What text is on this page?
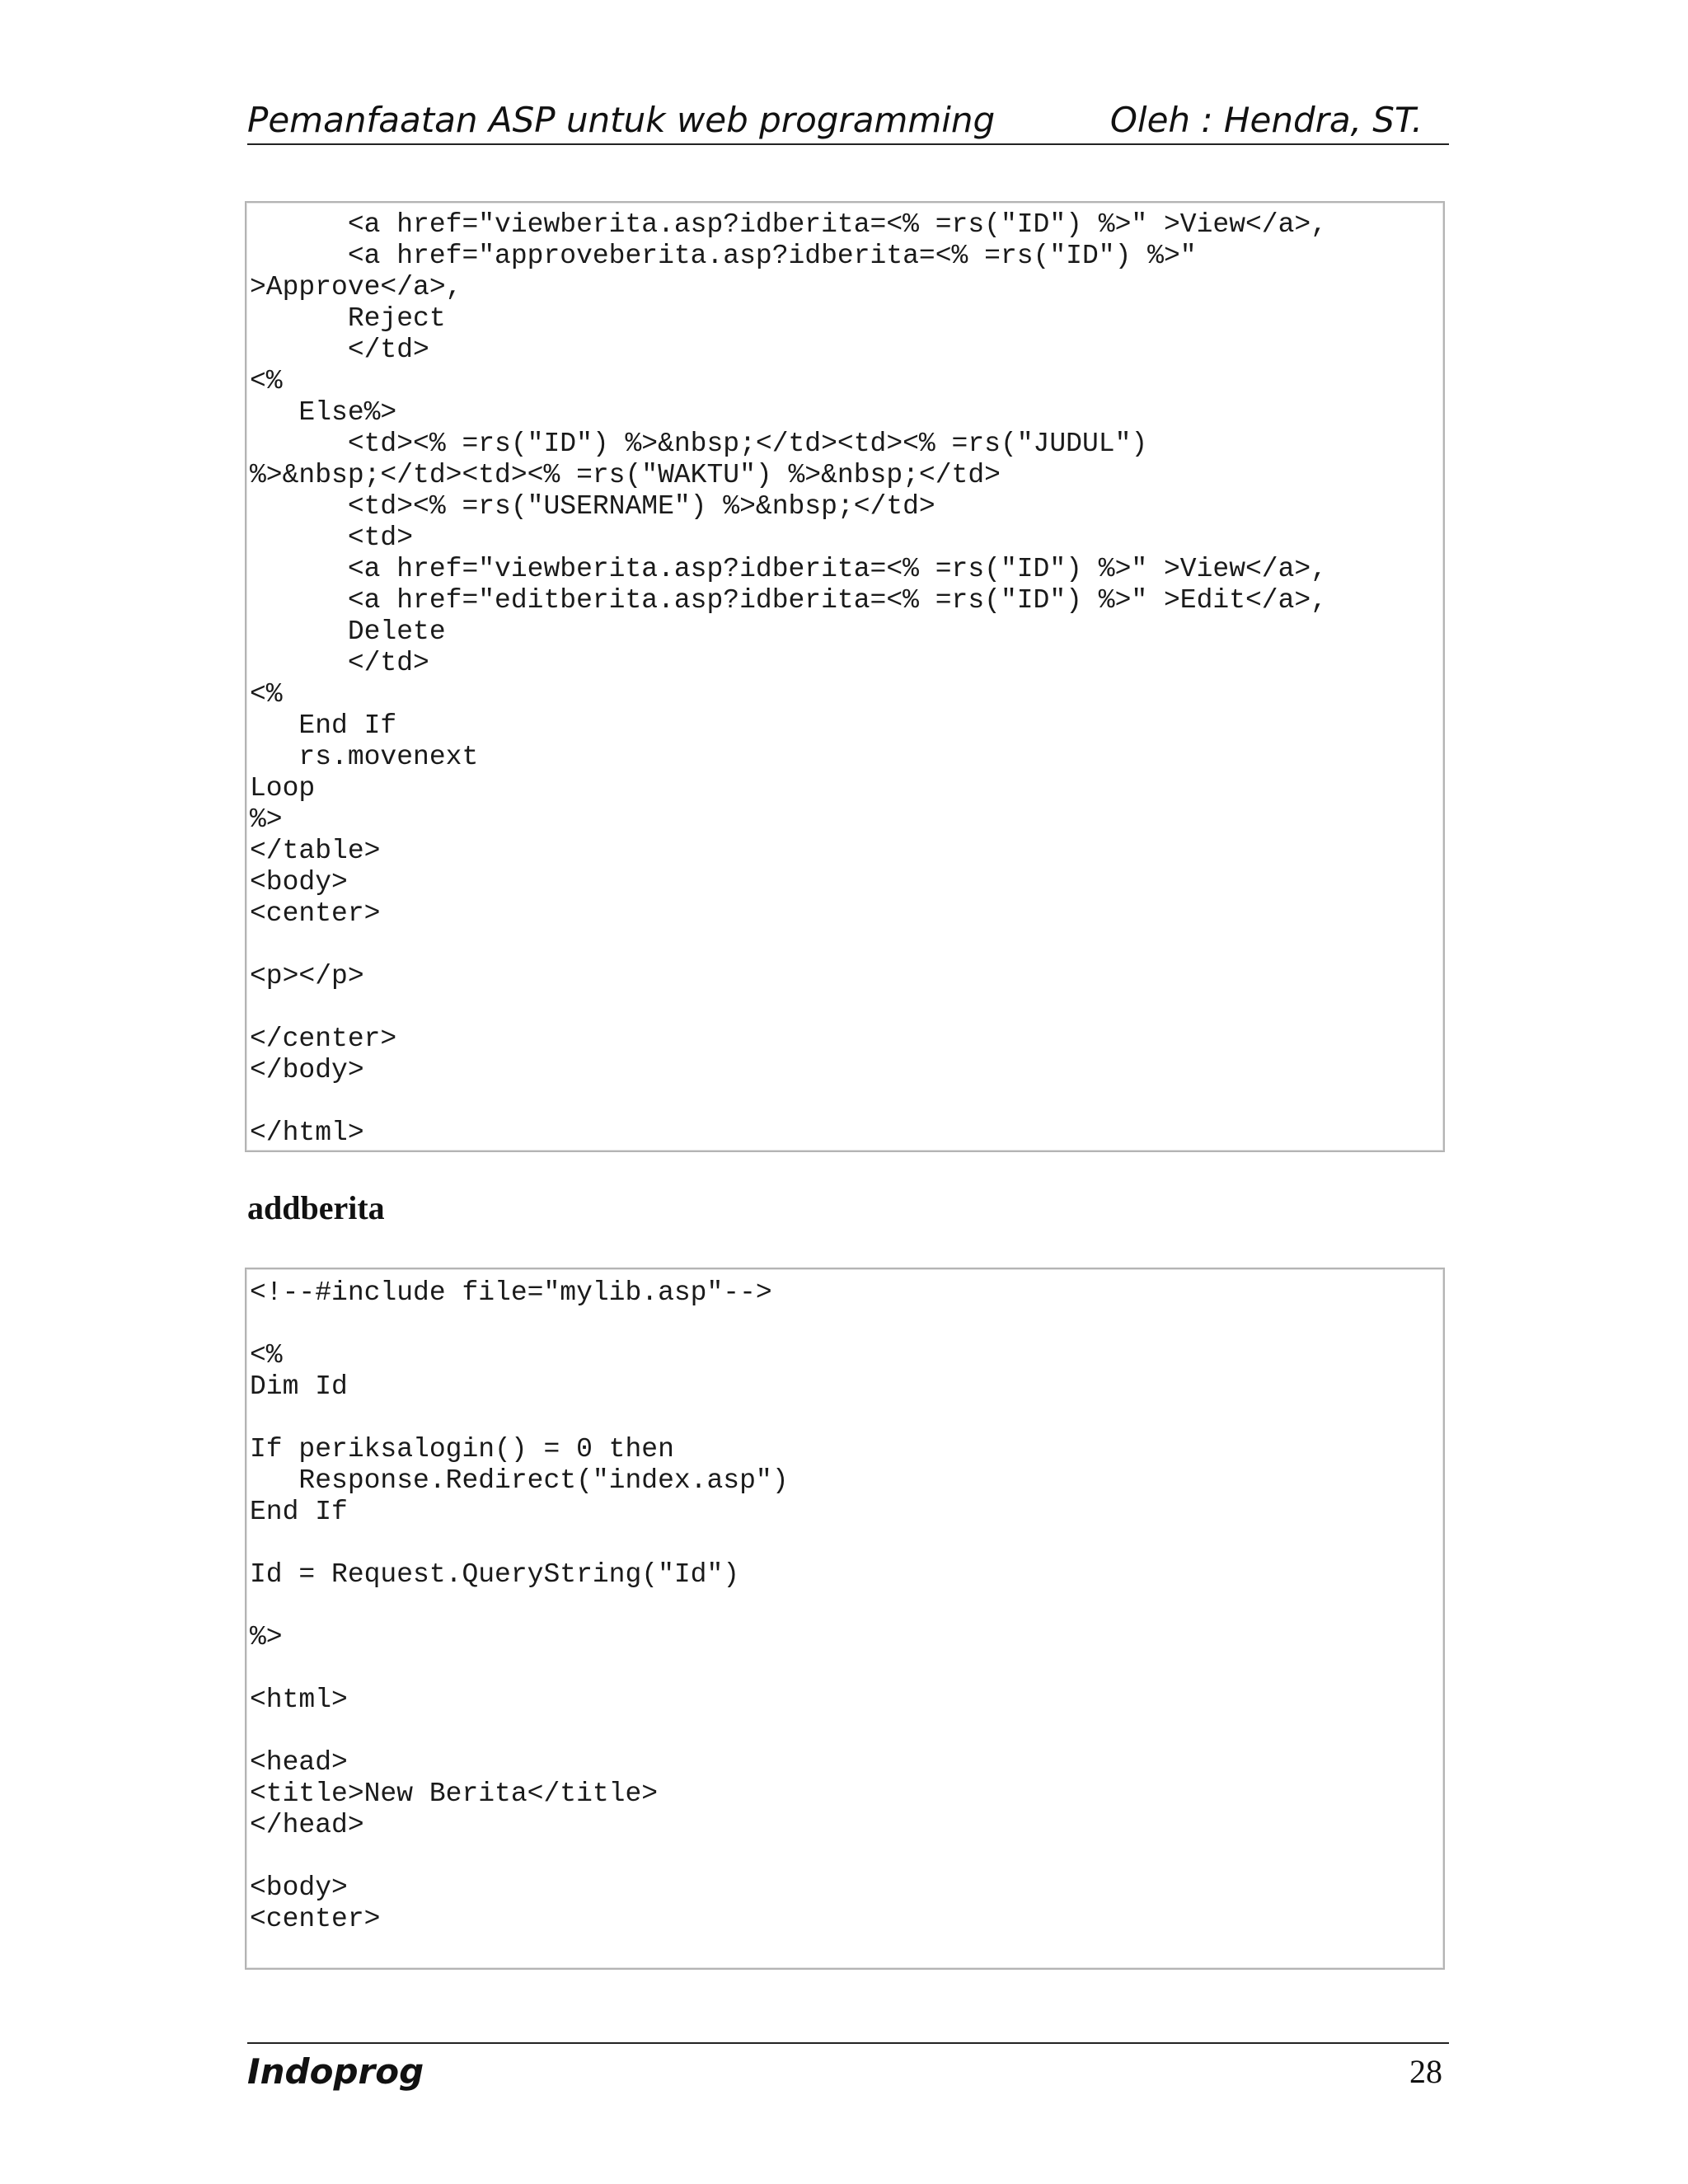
Pemanfaatan ASP untuk web programming	Oleh : Hendra, ST.
<a href="viewberita.asp?idberita=<% =rs("ID") %>" >View</a>,
<a href="approveberita.asp?idberita=<% =rs("ID") %>"
>Approve</a>,
Reject
</td>
<%
Else%>
<td><% =rs("ID") %>&nbsp;</td><td><% =rs("JUDUL")
%>&nbsp;</td><td><% =rs("WAKTU") %>&nbsp;</td>
<td><% =rs("USERNAME") %>&nbsp;</td>
<td>
<a href="viewberita.asp?idberita=<% =rs("ID") %>" >View</a>,
<a href="editberita.asp?idberita=<% =rs("ID") %>" >Edit</a>,
Delete
</td>
<%
End If
rs.movenext
Loop
%>
</table>
<body>
<center>
<p></p>
</center>
</body>
</html>
addberita
<!--#include file="mylib.asp"-->
<%
Dim Id
If periksalogin() = 0 then
Response.Redirect("index.asp")
End If
Id = Request.QueryString("Id")
%>
<html>
<head>
<title>New Berita</title>
</head>
<body>
<center>
Indoprog	28
